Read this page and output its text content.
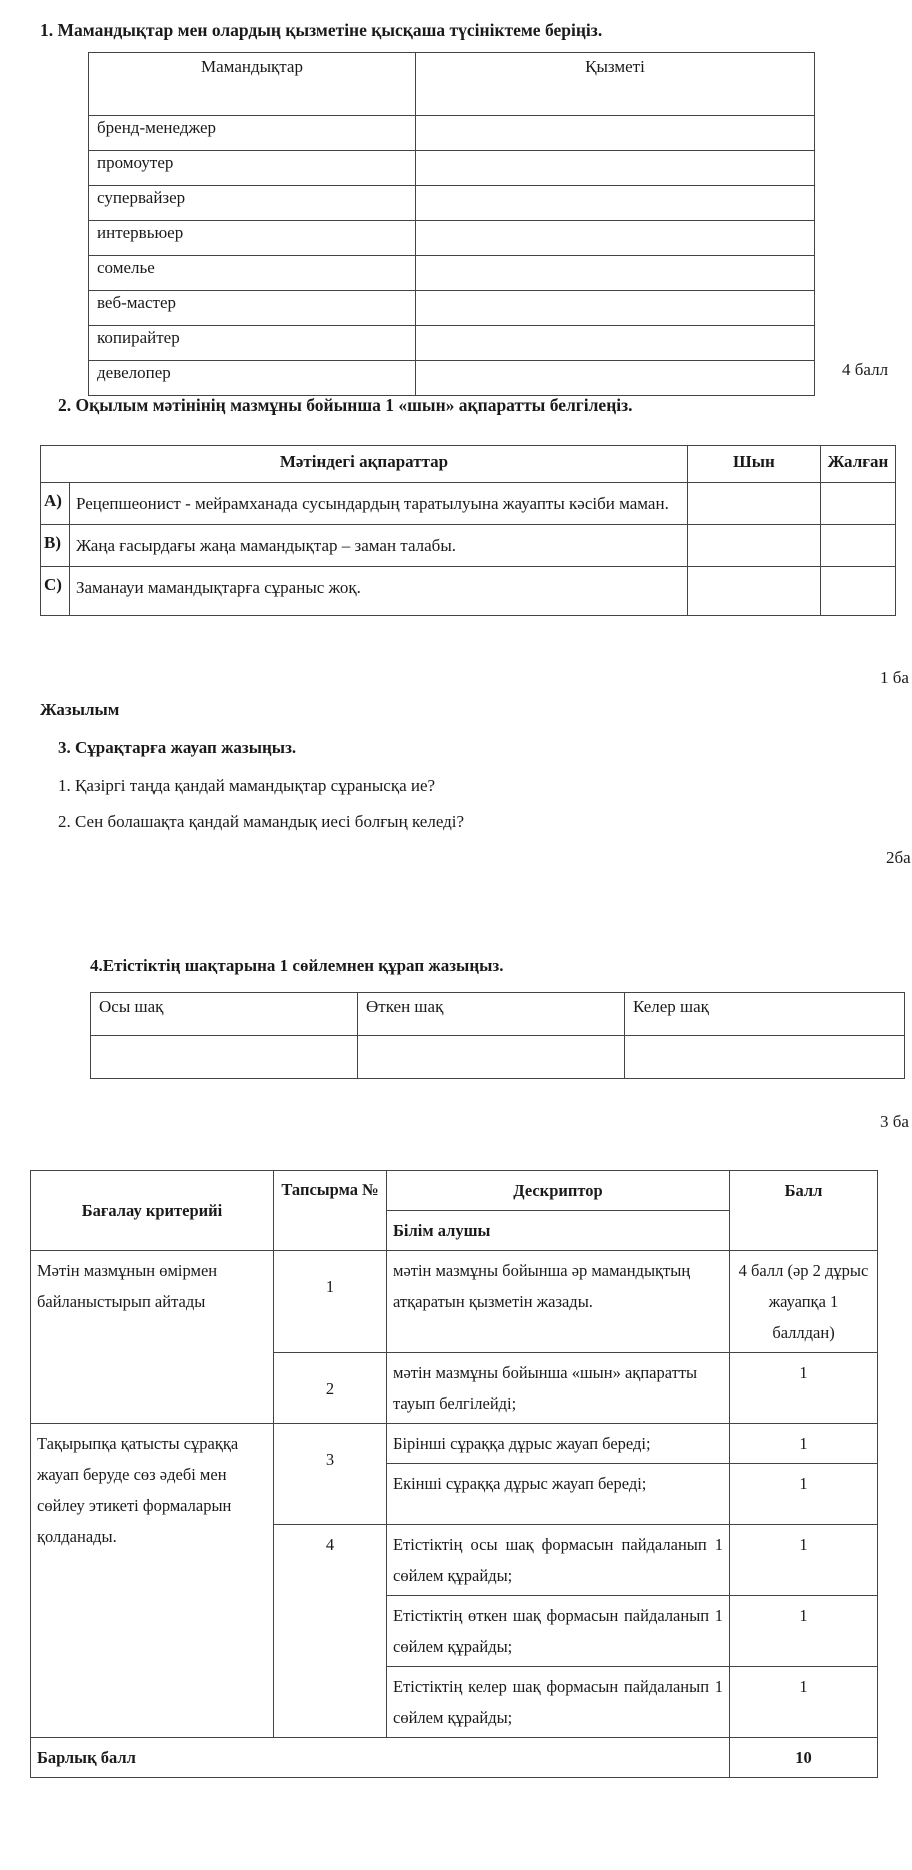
1. Мамандықтар мен олардың қызметіне қысқаша түсініктеме беріңіз.
Мамандықтар	Қызметі
бренд-менеджер	
промоутер	
супервайзер	
интервьюер	
сомелье	
веб-мастер	
копирайтер	
девелопер		4 балл
2. Оқылым мәтінінің мазмұны бойынша 1 «шын» ақпаратты белгілеңіз.
Мәтіндегі ақпараттар		Шын	Жалған
А)	Рецепшеонист - мейрамханада сусындардың таратылуына жауапты кәсіби маман.		
В)	Жаңа ғасырдағы жаңа мамандықтар – заман талабы.		
С)	Заманауи мамандықтарға сұраныс жоқ.		
1 ба
Жазылым
3. Сұрақтарға жауап жазыңыз.
1. Қазіргі таңда қандай мамандықтар сұранысқа ие?
2. Сен болашақта қандай мамандық иесі болғың келеді?
2ба
4.Етістіктің шақтарына 1 сөйлемнен құрап жазыңыз.
Осы шақ	Өткен шақ	Келер шақ

3 ба
Бағалау критерийі	Тапсырма №	Дескриптор	Балл
		Білім алушы	
Мәтін мазмұнын өмірмен байланыстырып айтады	1	мәтін мазмұны бойынша әр мамандықтың атқаратын қызметін жазады.	4 балл (әр 2 дұрыс жауапқа 1 баллдан)
	2	мәтін мазмұны бойынша «шын» ақпаратты тауып белгілейді;	1
Тақырыпқа қатысты сұраққа жауап беруде сөз әдебі мен сөйлеу этикеті формаларын қолданады.	3	Бірінші сұраққа дұрыс жауап береді;	1
		Екінші сұраққа дұрыс жауап береді;	1
	4	Етістіктің осы шақ формасын пайдаланып 1 сөйлем құрайды;	1
		Етістіктің өткен шақ формасын пайдаланып 1 сөйлем құрайды;	1
		Етістіктің келер шақ формасын пайдаланып 1 сөйлем құрайды;	1
Барлық балл			10
